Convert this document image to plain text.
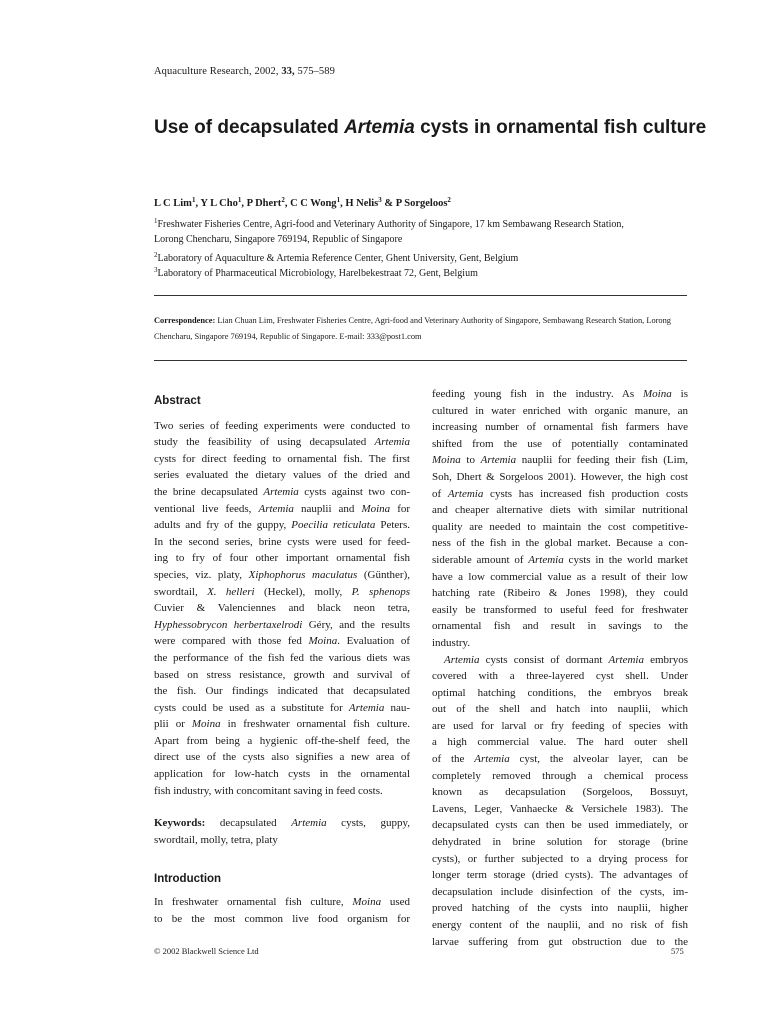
Aquaculture Research, 2002, 33, 575–589
Use of decapsulated Artemia cysts in ornamental fish culture
L C Lim$^1$, Y L Cho$^1$, P Dhert$^2$, C C Wong$^1$, H Nelis$^3$ & P Sorgeloos$^2$
$^1$Freshwater Fisheries Centre, Agri-food and Veterinary Authority of Singapore, 17 km Sembawang Research Station,
Lorong Chencharu, Singapore 769194, Republic of Singapore
$^2$Laboratory of Aquaculture & Artemia Reference Center, Ghent University, Gent, Belgium
$^3$Laboratory of Pharmaceutical Microbiology, Harelbekestraat 72, Gent, Belgium
Correspondence: Lian Chuan Lim, Freshwater Fisheries Centre, Agri-food and Veterinary Authority of Singapore, Sembawang Research Station, Lorong Chencharu, Singapore 769194, Republic of Singapore. E-mail: 333@post1.com
Abstract
Two series of feeding experiments were conducted to
study the feasibility of using decapsulated Artemia
cysts for direct feeding to ornamental fish. The first
series evaluated the dietary values of the dried and
the brine decapsulated Artemia cysts against two con-
ventional live feeds, Artemia nauplii and Moina for
adults and fry of the guppy, Poecilia reticulata Peters.
In the second series, brine cysts were used for feed-
ing to fry of four other important ornamental fish
species, viz. platy, Xiphophorus maculatus (Günther),
swordtail, X. helleri (Heckel), molly, P. sphenops
Cuvier & Valenciennes and black neon tetra,
Hyphessobrycon herbertaxelrodi Géry, and the results
were compared with those fed Moina. Evaluation of
the performance of the fish fed the various diets was
based on stress resistance, growth and survival of
the fish. Our findings indicated that decapsulated
cysts could be used as a substitute for Artemia nau-
plii or Moina in freshwater ornamental fish culture.
Apart from being a hygienic off-the-shelf feed, the
direct use of the cysts also signifies a new area of
application for low-hatch cysts in the ornamental
fish industry, with concomitant saving in feed costs.
Keywords: decapsulated Artemia cysts, guppy,
swordtail, molly, tetra, platy
Introduction
In freshwater ornamental fish culture, Moina used
to be the most common live food organism for
feeding young fish in the industry. As Moina is
cultured in water enriched with organic manure, an
increasing number of ornamental fish farmers have
shifted from the use of potentially contaminated
Moina to Artemia nauplii for feeding their fish (Lim,
Soh, Dhert & Sorgeloos 2001). However, the high cost
of Artemia cysts has increased fish production costs
and cheaper alternative diets with similar nutritional
quality are needed to maintain the cost competitive-
ness of the fish in the global market. Because a con-
siderable amount of Artemia cysts in the world market
have a low commercial value as a result of their low
hatching rate (Ribeiro & Jones 1998), they could
easily be transformed to useful feed for freshwater
ornamental fish and result in savings to the
industry.
Artemia cysts consist of dormant Artemia embryos
covered with a three-layered cyst shell. Under
optimal hatching conditions, the embryos break
out of the shell and hatch into nauplii, which
are used for larval or fry feeding of species with
a high commercial value. The hard outer shell
of the Artemia cyst, the alveolar layer, can be
completely removed through a chemical process
known as decapsulation (Sorgeloos, Bossuyt,
Lavens, Leger, Vanhaecke & Versichele 1983). The
decapsulated cysts can then be used immediately, or
dehydrated in brine solution for storage (brine
cysts), or further subjected to a drying process for
longer term storage (dried cysts). The advantages of
decapsulation include disinfection of the cysts, im-
proved hatching of the cysts into nauplii, higher
energy content of the nauplii, and no risk of fish
larvae suffering from gut obstruction due to the
© 2002 Blackwell Science Ltd	575
